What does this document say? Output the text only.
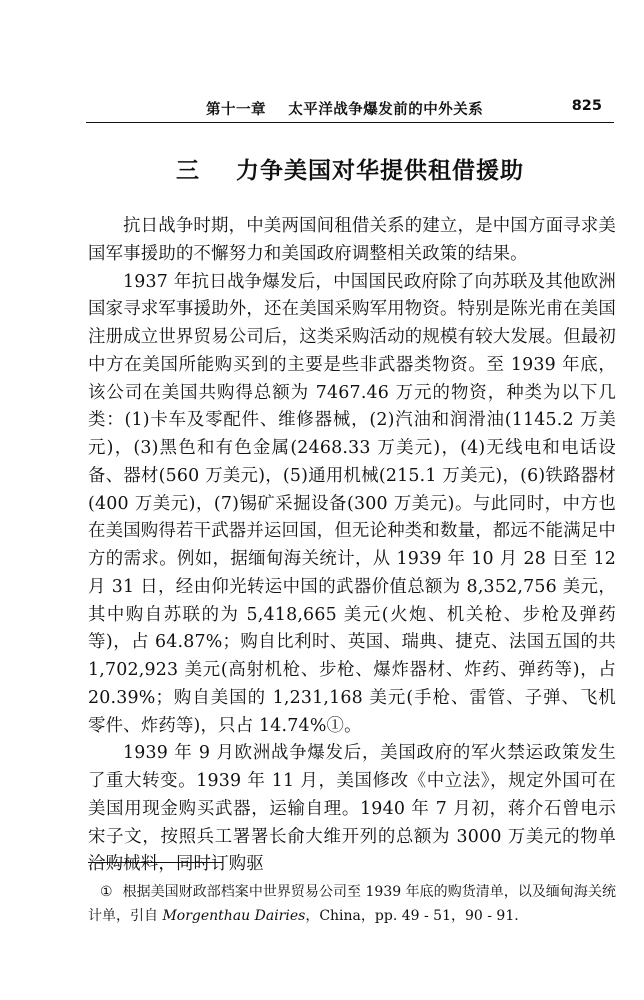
第十一章    太平洋战争爆发前的中外关系	825
三    力争美国对华提供租借援助

抗日战争时期，中美两国间租借关系的建立，是中国方面寻求美国军事援助的不懈努力和美国政府调整相关政策的结果。

1937 年抗日战争爆发后，中国国民政府除了向苏联及其他欧洲国家寻求军事援助外，还在美国采购军用物资。特别是陈光甫在美国注册成立世界贸易公司后，这类采购活动的规模有较大发展。但最初中方在美国所能购买到的主要是些非武器类物资。至 1939 年底，该公司在美国共购得总额为 7467.46 万元的物资，种类为以下几类：(1)卡车及零配件、维修器械，(2)汽油和润滑油(1145.2 万美元)，(3)黑色和有色金属(2468.33 万美元)，(4)无线电和电话设备、器材(560 万美元)，(5)通用机械(215.1 万美元)，(6)铁路器材(400 万美元)，(7)锡矿采掘设备(300 万美元)。与此同时，中方也在美国购得若干武器并运回国，但无论种类和数量，都远不能满足中方的需求。例如，据缅甸海关统计，从 1939 年 10 月 28 日至 12 月 31 日，经由仰光转运中国的武器价值总额为 8,352,756 美元，其中购自苏联的为 5,418,665 美元(火炮、机关枪、步枪及弹药等)，占 64.87%；购自比利时、英国、瑞典、捷克、法国五国的共 1,702,923 美元(高射机枪、步枪、爆炸器材、炸药、弹药等)，占 20.39%；购自美国的 1,231,168 美元(手枪、雷管、子弹、飞机零件、炸药等)，只占 14.74%①。

1939 年 9 月欧洲战争爆发后，美国政府的军火禁运政策发生了重大转变。1939 年 11 月，美国修改《中立法》，规定外国可在美国用现金购买武器，运输自理。1940 年 7 月初，蒋介石曾电示宋子文，按照兵工署署长俞大维开列的总额为 3000 万美元的物单洽购械料，同时订购驱

① 根据美国财政部档案中世界贸易公司至 1939 年底的购货清单，以及缅甸海关统计单，引自 Morgenthau Dairies，China，pp. 49 - 51，90 - 91.
